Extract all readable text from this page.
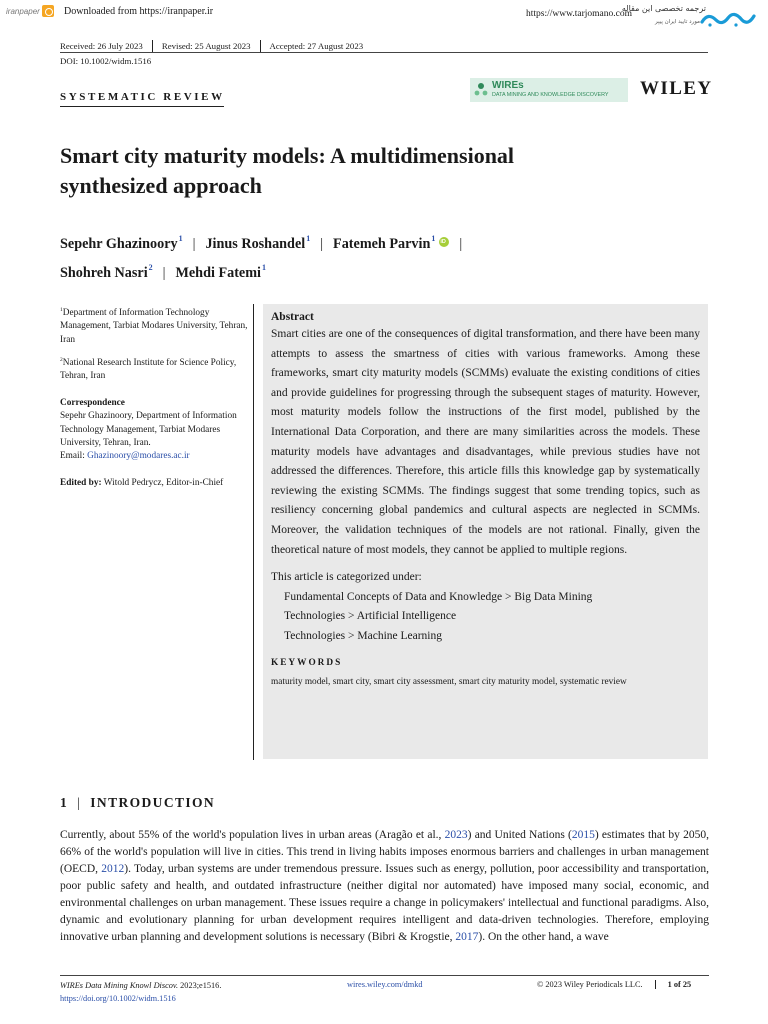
iranpaper Downloaded from https://iranpaper.ir	https://www.tarjomano.com
ترجمه تخصصی این مقاله
مورد تایید ایران پیپر
Received: 26 July 2023	Revised: 25 August 2023	Accepted: 27 August 2023
DOI: 10.1002/widm.1516
SYSTEMATIC REVIEW
WIREs
DATA MINING AND KNOWLEDGE DISCOVERY WILEY
Smart city maturity models: A multidimensional
synthesized approach
Sepehr Ghazinoory$^1$ | Jinus Roshandel$^1$ | Fatemeh Parvin$^1$iD |
Shohreh Nasri$^2$ | Mehdi Fatemi$^1$

$^1$Department of Information Technology Management, Tarbiat Modares University, Tehran, Iran

$^2$National Research Institute for Science Policy, Tehran, Iran

Correspondence
Sepehr Ghazinoory, Department of Information Technology Management, Tarbiat Modares University, Tehran, Iran.
Email: Ghazinoory@modares.ac.ir

Edited by: Witold Pedrycz, Editor-in-Chief

Abstract

Smart cities are one of the consequences of digital transformation, and there have been many attempts to assess the smartness of cities with various frameworks. Among these frameworks, smart city maturity models (SCMMs) evaluate the existing conditions of cities and provide guidelines for progressing through the subsequent stages of maturity. However, most maturity models follow the instructions of the first model, published by the International Data Corporation, and there are many similarities across the models. These maturity models have advantages and disadvantages, while previous studies have not addressed the differences. Therefore, this article fills this knowledge gap by systematically reviewing the existing SCMMs. The findings suggest that some trending topics, such as resiliency concerning global pandemics and cultural aspects are neglected in SCMMs. Moreover, the validation techniques of the models are not rational. Finally, given the theoretical nature of most models, they cannot be applied to multiple regions.

This article is categorized under:
Fundamental Concepts of Data and Knowledge > Big Data Mining
Technologies > Artificial Intelligence
Technologies > Machine Learning
KEYWORDS
maturity model, smart city, smart city assessment, smart city maturity model, systematic review
1 | INTRODUCTION

Currently, about 55% of the world's population lives in urban areas (Aragão et al., 2023) and United Nations (2015) estimates that by 2050, 66% of the world's population will live in cities. This trend in living habits imposes enormous barriers and challenges in urban management (OECD, 2012). Today, urban systems are under tremendous pressure. Issues such as energy, pollution, poor accessibility and transportation, poor public safety and health, and outdated infrastructure (neither digital nor automated) have imposed many social, economic, and environmental challenges on urban management. These issues require a change in policymakers' intellectual and functional paradigms. Also, dynamic and evolutionary planning for urban development requires intelligent and data-driven technologies. Therefore, employing innovative urban planning and development solutions is necessary (Bibri & Krogstie, 2017). On the other hand, a wave

WIREs Data Mining Knowl Discov. 2023;e1516.
https://doi.org/10.1002/widm.1516
wires.wiley.com/dmkd	© 2023 Wiley Periodicals LLC.	1 of 25
